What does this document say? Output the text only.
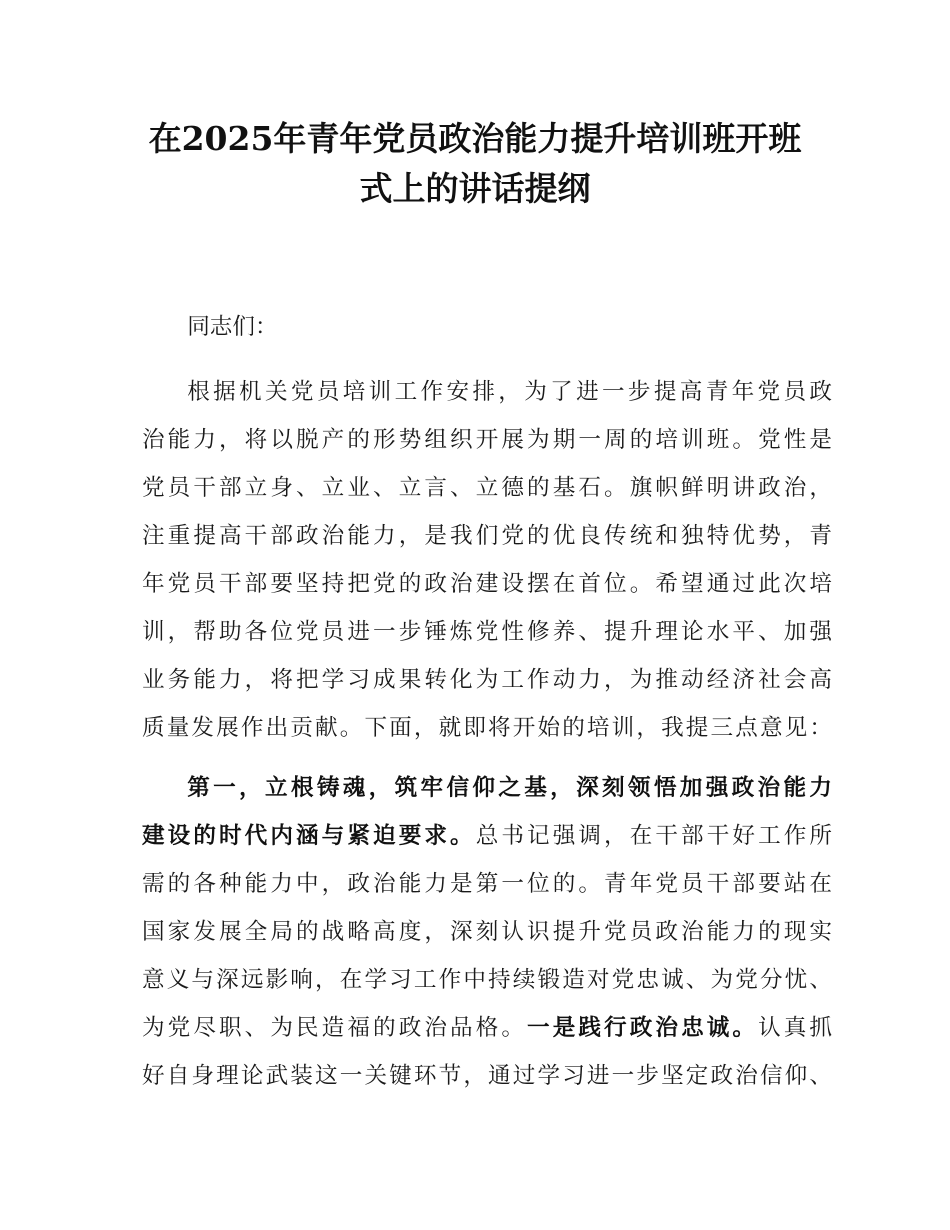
在2025年青年党员政治能力提升培训班开班
式上的讲话提纲

同志们：

根据机关党员培训工作安排，为了进一步提高青年党员政
治能力，将以脱产的形势组织开展为期一周的培训班。党性是
党员干部立身、立业、立言、立德的基石。旗帜鲜明讲政治，
注重提高干部政治能力，是我们党的优良传统和独特优势，青
年党员干部要坚持把党的政治建设摆在首位。希望通过此次培
训，帮助各位党员进一步锤炼党性修养、提升理论水平、加强
业务能力，将把学习成果转化为工作动力，为推动经济社会高
质量发展作出贡献。下面，就即将开始的培训，我提三点意见：
第一，立根铸魂，筑牢信仰之基，深刻领悟加强政治能力
建设的时代内涵与紧迫要求。总书记强调，在干部干好工作所
需的各种能力中，政治能力是第一位的。青年党员干部要站在
国家发展全局的战略高度，深刻认识提升党员政治能力的现实
意义与深远影响，在学习工作中持续锻造对党忠诚、为党分忧、
为党尽职、为民造福的政治品格。一是践行政治忠诚。认真抓
好自身理论武装这一关键环节，通过学习进一步坚定政治信仰、
